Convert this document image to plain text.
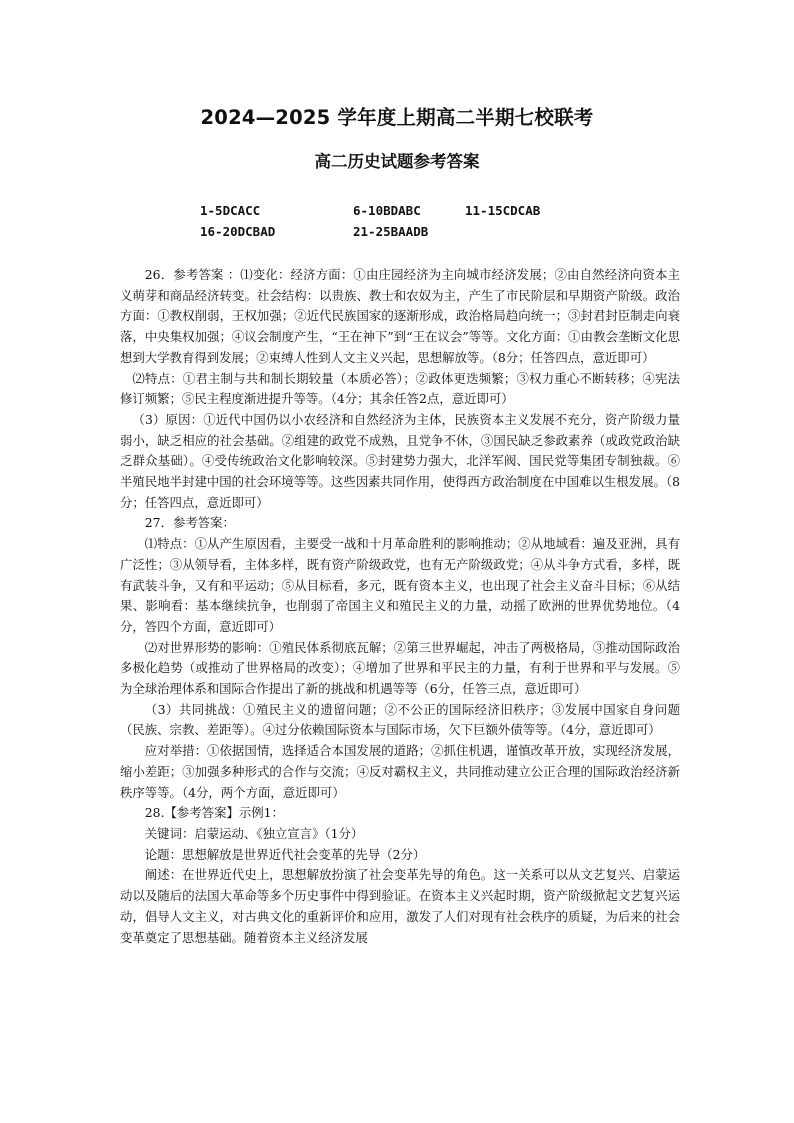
2024—2025 学年度上期高二半期七校联考
高二历史试题参考答案
1-5DCACC	6-10BDABC	11-15CDCAB
16-20DCBAD	21-25BAADB

26．参考答案 ：⑴变化：经济方面：①由庄园经济为主向城市经济发展；②由自然经济向资本主义萌芽和商品经济转变。社会结构：以贵族、教士和农奴为主，产生了市民阶层和早期资产阶级。政治方面：①教权削弱，王权加强；②近代民族国家的逐渐形成，政治格局趋向统一；③封君封臣制走向衰落，中央集权加强；④议会制度产生，“王在神下”到“王在议会”等等。文化方面：①由教会垄断文化思想到大学教育得到发展；②束缚人性到人文主义兴起，思想解放等。（8分；任答四点，意近即可）

⑵特点：①君主制与共和制长期较量（本质必答）；②政体更迭频繁；③权力重心不断转移；④宪法修订频繁；⑤民主程度渐进提升等等。（4分；其余任答2点，意近即可）

（3）原因：①近代中国仍以小农经济和自然经济为主体，民族资本主义发展不充分，资产阶级力量弱小，缺乏相应的社会基础。②组建的政党不成熟，且党争不休，③国民缺乏参政素养（或政党政治缺乏群众基础）。④受传统政治文化影响较深。⑤封建势力强大，北洋军阀、国民党等集团专制独裁。⑥半殖民地半封建中国的社会环境等等。这些因素共同作用，使得西方政治制度在中国难以生根发展。（8分；任答四点，意近即可）

27．参考答案：

⑴特点：①从产生原因看，主要受一战和十月革命胜利的影响推动；②从地域看：遍及亚洲，具有广泛性；③从领导看，主体多样，既有资产阶级政党，也有无产阶级政党；④从斗争方式看，多样，既有武装斗争，又有和平运动；⑤从目标看，多元，既有资本主义，也出现了社会主义奋斗目标；⑥从结果、影响看：基本继续抗争，也削弱了帝国主义和殖民主义的力量，动摇了欧洲的世界优势地位。（4分，答四个方面，意近即可）

⑵对世界形势的影响：①殖民体系彻底瓦解；②第三世界崛起，冲击了两极格局，③推动国际政治多极化趋势（或推动了世界格局的改变）；④增加了世界和平民主的力量，有利于世界和平与发展。⑤为全球治理体系和国际合作提出了新的挑战和机遇等等（6分，任答三点，意近即可）

（3）共同挑战：①殖民主义的遗留问题；②不公正的国际经济旧秩序；③发展中国家自身问题（民族、宗教、差距等）。④过分依赖国际资本与国际市场，欠下巨额外债等等。（4分，意近即可）

应对举措：①依据国情，选择适合本国发展的道路；②抓住机遇，谨慎改革开放，实现经济发展，缩小差距；③加强多种形式的合作与交流；④反对霸权主义，共同推动建立公正合理的国际政治经济新秩序等等。（4分，两个方面，意近即可）

28.【参考答案】示例1：

关键词：启蒙运动、《独立宣言》（1分）

论题：思想解放是世界近代社会变革的先导（2分）

阐述：在世界近代史上，思想解放扮演了社会变革先导的角色。这一关系可以从文艺复兴、启蒙运动以及随后的法国大革命等多个历史事件中得到验证。在资本主义兴起时期，资产阶级掀起文艺复兴运动，倡导人文主义，对古典文化的重新评价和应用，激发了人们对现有社会秩序的质疑，为后来的社会变革奠定了思想基础。随着资本主义经济发展
